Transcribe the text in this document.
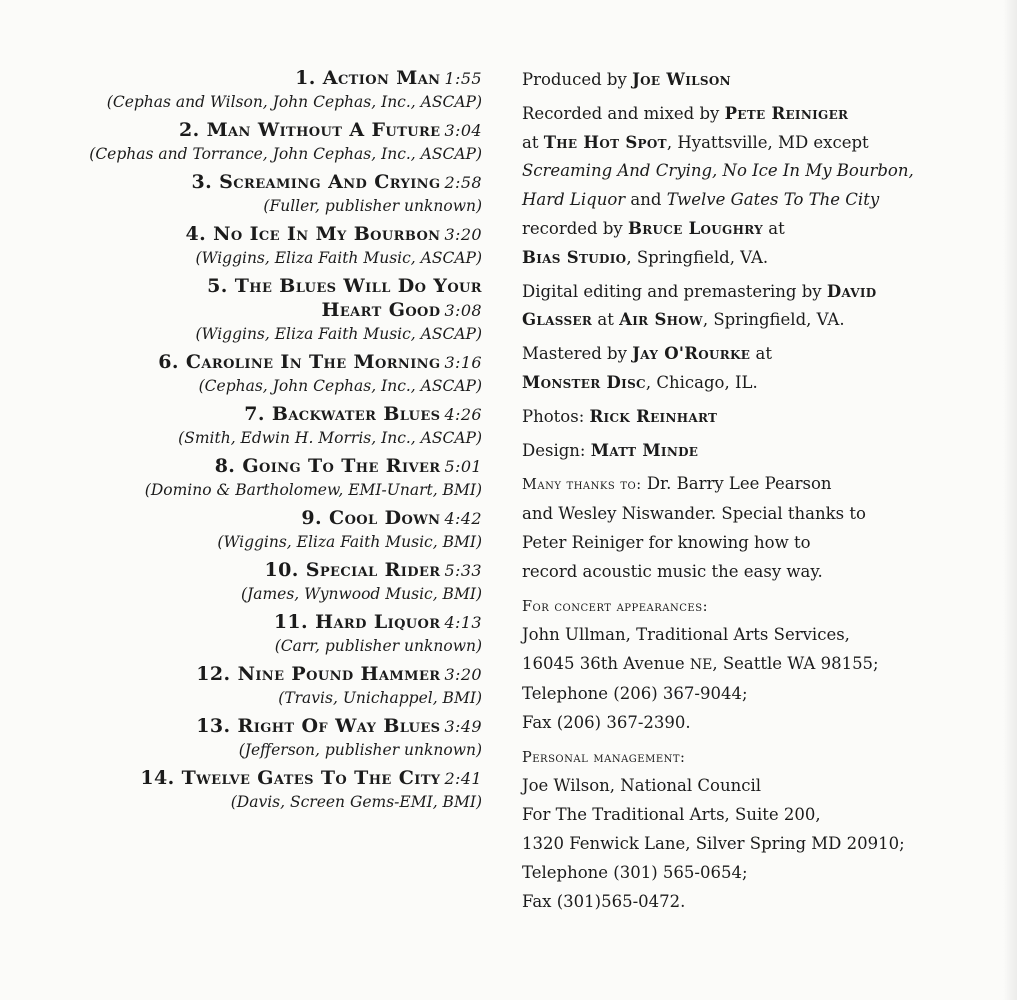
1. Action Man 1:55
(Cephas and Wilson, John Cephas, Inc., ASCAP)
2. Man Without A Future 3:04
(Cephas and Torrance, John Cephas, Inc., ASCAP)
3. Screaming And Crying 2:58
(Fuller, publisher unknown)
4. No Ice In My Bourbon 3:20
(Wiggins, Eliza Faith Music, ASCAP)
5. The Blues Will Do Your
Heart Good 3:08
(Wiggins, Eliza Faith Music, ASCAP)
6. Caroline In The Morning 3:16
(Cephas, John Cephas, Inc., ASCAP)
7. Backwater Blues 4:26
(Smith, Edwin H. Morris, Inc., ASCAP)
8. Going To The River 5:01
(Domino & Bartholomew, EMI-Unart, BMI)
9. Cool Down 4:42
(Wiggins, Eliza Faith Music, BMI)
10. Special Rider 5:33
(James, Wynwood Music, BMI)
11. Hard Liquor 4:13
(Carr, publisher unknown)
12. Nine Pound Hammer 3:20
(Travis, Unichappel, BMI)
13. Right Of Way Blues 3:49
(Jefferson, publisher unknown)
14. Twelve Gates To The City 2:41
(Davis, Screen Gems-EMI, BMI)
Produced by Joe Wilson
Recorded and mixed by Pete Reiniger
at The Hot Spot, Hyattsville, MD except
Screaming And Crying, No Ice In My Bourbon,
Hard Liquor and Twelve Gates To The City
recorded by Bruce Loughry at
Bias Studio, Springfield, VA.
Digital editing and premastering by David
Glasser at Air Show, Springfield, VA.
Mastered by Jay O'Rourke at
Monster Disc, Chicago, IL.
Photos: Rick Reinhart
Design: Matt Minde
Many thanks to: Dr. Barry Lee Pearson
and Wesley Niswander. Special thanks to
Peter Reiniger for knowing how to
record acoustic music the easy way.
For concert appearances:
John Ullman, Traditional Arts Services,
16045 36th Avenue NE, Seattle WA 98155;
Telephone (206) 367-9044;
Fax (206) 367-2390.
Personal management:
Joe Wilson, National Council
For The Traditional Arts, Suite 200,
1320 Fenwick Lane, Silver Spring MD 20910;
Telephone (301) 565-0654;
Fax (301)565-0472.
